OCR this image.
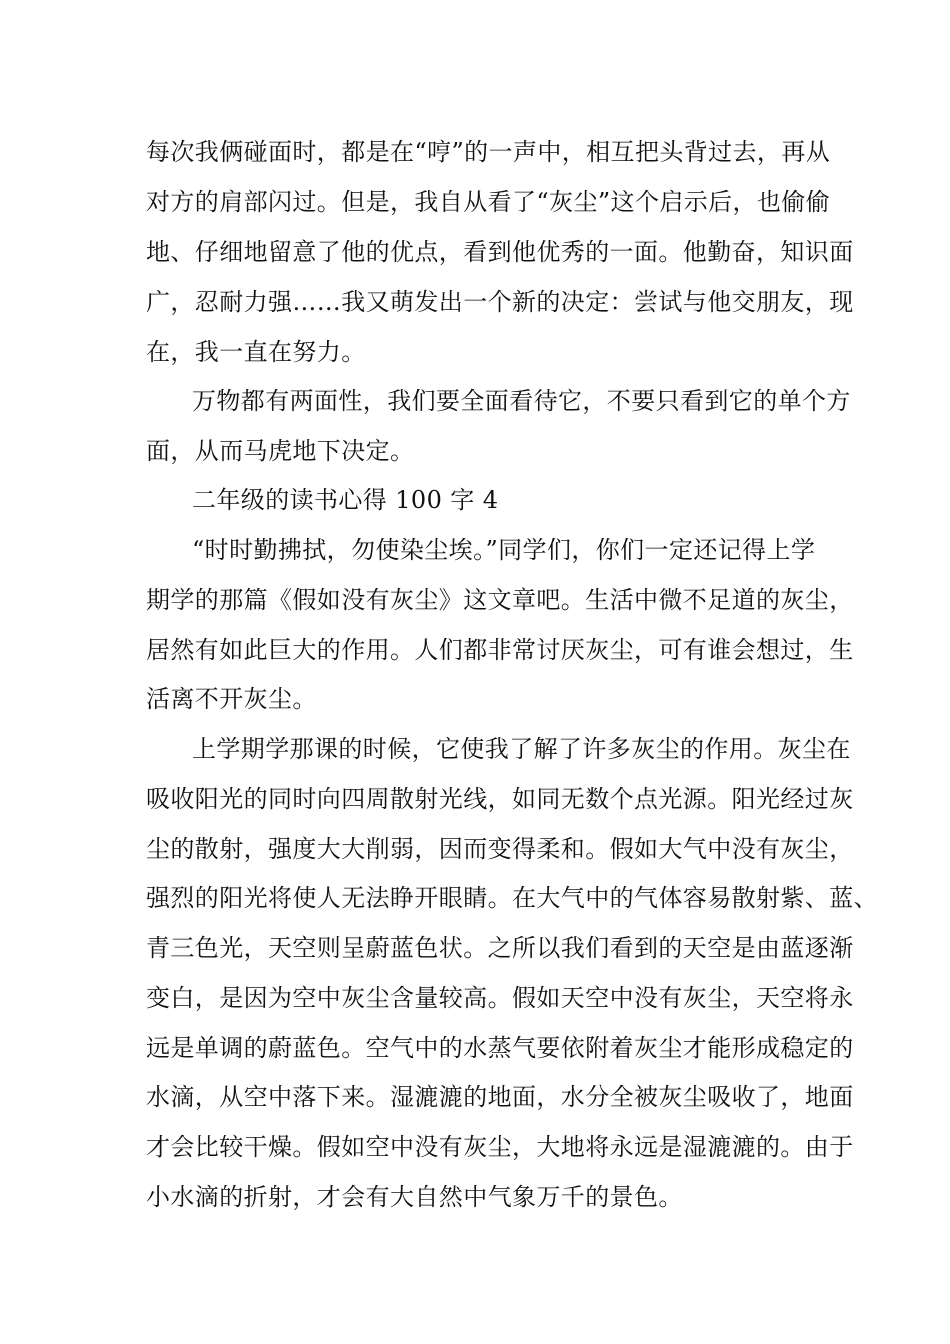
每次我俩碰面时，都是在“哼”的一声中，相互把头背过去，再从
对方的肩部闪过。但是，我自从看了“灰尘”这个启示后，也偷偷
地、仔细地留意了他的优点，看到他优秀的一面。他勤奋，知识面
广，忍耐力强……我又萌发出一个新的决定：尝试与他交朋友，现
在，我一直在努力。
万物都有两面性，我们要全面看待它，不要只看到它的单个方
面，从而马虎地下决定。
二年级的读书心得 100 字 4
“时时勤拂拭，勿使染尘埃。”同学们，你们一定还记得上学
期学的那篇《假如没有灰尘》这文章吧。生活中微不足道的灰尘，
居然有如此巨大的作用。人们都非常讨厌灰尘，可有谁会想过，生
活离不开灰尘。
上学期学那课的时候，它使我了解了许多灰尘的作用。灰尘在
吸收阳光的同时向四周散射光线，如同无数个点光源。阳光经过灰
尘的散射，强度大大削弱，因而变得柔和。假如大气中没有灰尘，
强烈的阳光将使人无法睁开眼睛。在大气中的气体容易散射紫、蓝、
青三色光，天空则呈蔚蓝色状。之所以我们看到的天空是由蓝逐渐
变白，是因为空中灰尘含量较高。假如天空中没有灰尘，天空将永
远是单调的蔚蓝色。空气中的水蒸气要依附着灰尘才能形成稳定的
水滴，从空中落下来。湿漉漉的地面，水分全被灰尘吸收了，地面
才会比较干燥。假如空中没有灰尘，大地将永远是湿漉漉的。由于
小水滴的折射，才会有大自然中气象万千的景色。
